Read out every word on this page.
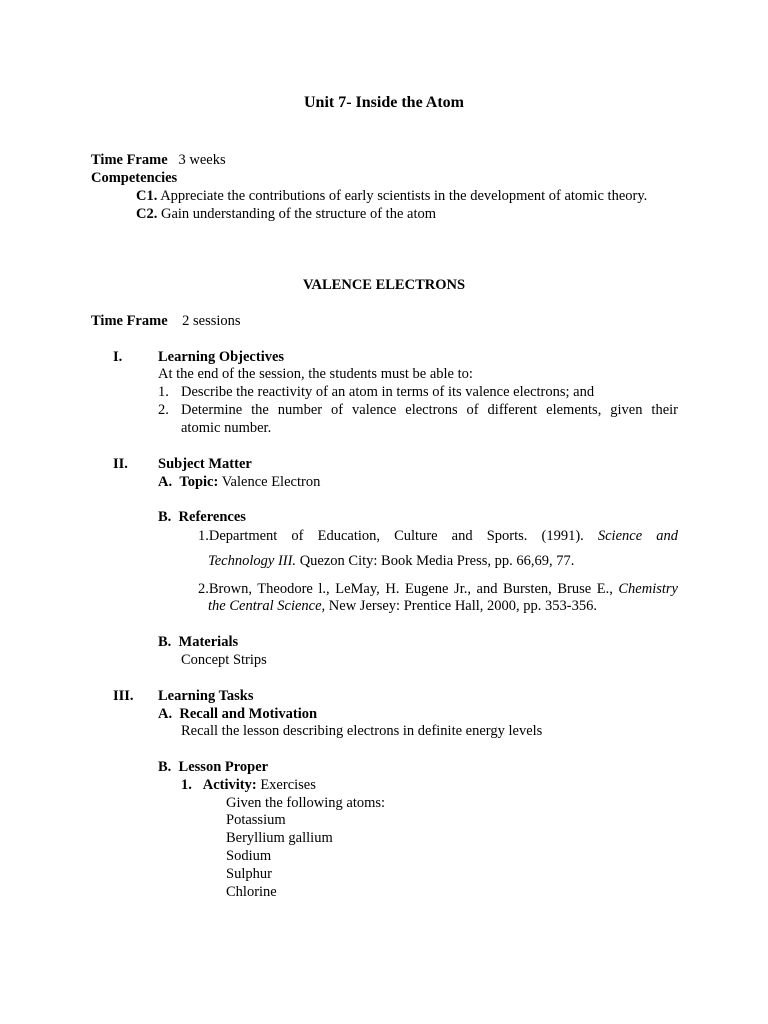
Unit 7- Inside the Atom
Time Frame 3 weeks
Competencies
C1. Appreciate the contributions of early scientists in the development of atomic theory.
C2. Gain understanding of the structure of the atom
VALENCE ELECTRONS
Time Frame 2 sessions
I. Learning Objectives
At the end of the session, the students must be able to:
1. Describe the reactivity of an atom in terms of its valence electrons; and
2. Determine the number of valence electrons of different elements, given their
atomic number.
II. Subject Matter
A. Topic: Valence Electron
B. References
1.Department of Education, Culture and Sports. (1991). Science and
Technology III. Quezon City: Book Media Press, pp. 66,69, 77.
2.Brown, Theodore l., LeMay, H. Eugene Jr., and Bursten, Bruse E., Chemistry
the Central Science, New Jersey: Prentice Hall, 2000, pp. 353-356.
B. Materials
Concept Strips
III. Learning Tasks
A. Recall and Motivation
Recall the lesson describing electrons in definite energy levels
B. Lesson Proper
1. Activity: Exercises
Given the following atoms:
Potassium
Beryllium gallium
Sodium
Sulphur
Chlorine
